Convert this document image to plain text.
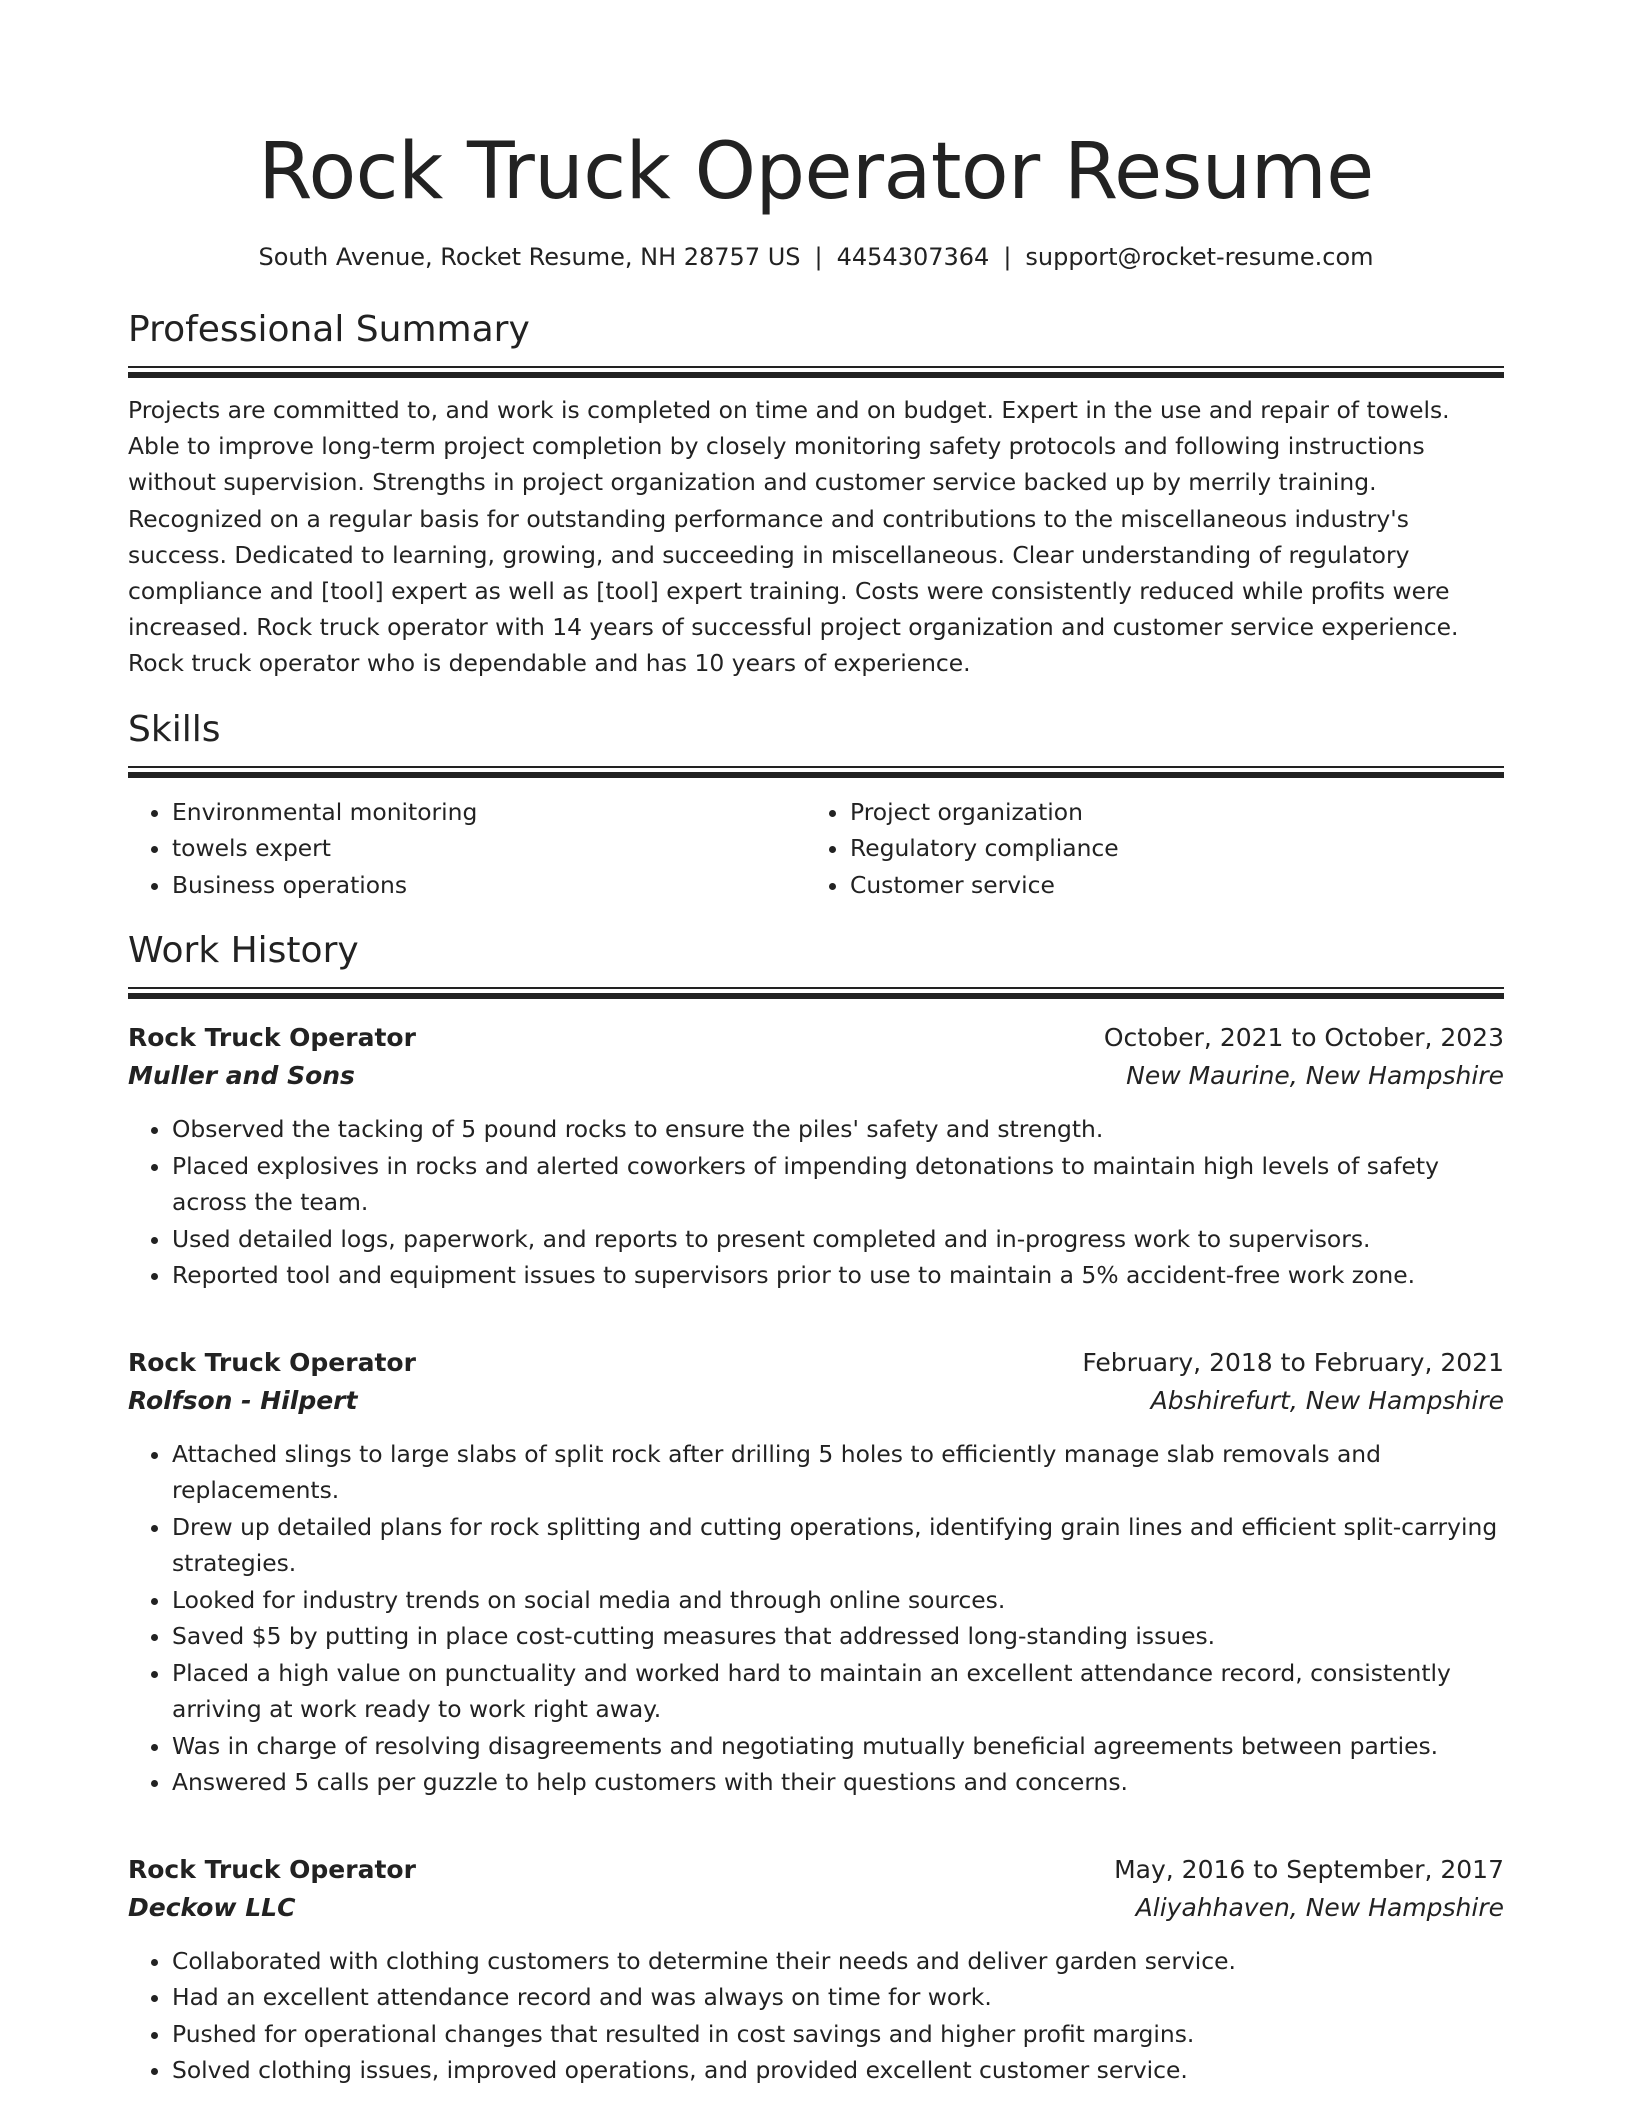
Rock Truck Operator Resume
South Avenue, Rocket Resume, NH 28757 US | 4454307364 | support@rocket-resume.com
Professional Summary

Projects are committed to, and work is completed on time and on budget. Expert in the use and repair of towels. Able to improve long-term project completion by closely monitoring safety protocols and following instructions without supervision. Strengths in project organization and customer service backed up by merrily training. Recognized on a regular basis for outstanding performance and contributions to the miscellaneous industry's success. Dedicated to learning, growing, and succeeding in miscellaneous. Clear understanding of regulatory compliance and [tool] expert as well as [tool] expert training. Costs were consistently reduced while profits were increased. Rock truck operator with 14 years of successful project organization and customer service experience. Rock truck operator who is dependable and has 10 years of experience.

Skills
• Environmental monitoring
• towels expert
• Business operations
• Project organization
• Regulatory compliance
• Customer service
Work History
Rock Truck Operator	October, 2021 to October, 2023
Muller and Sons	New Maurine, New Hampshire
• Observed the tacking of 5 pound rocks to ensure the piles' safety and strength.
• Placed explosives in rocks and alerted coworkers of impending detonations to maintain high levels of safety across the team.
• Used detailed logs, paperwork, and reports to present completed and in-progress work to supervisors.
• Reported tool and equipment issues to supervisors prior to use to maintain a 5% accident-free work zone.
Rock Truck Operator	February, 2018 to February, 2021
Rolfson - Hilpert	Abshirefurt, New Hampshire
• Attached slings to large slabs of split rock after drilling 5 holes to efficiently manage slab removals and replacements.
• Drew up detailed plans for rock splitting and cutting operations, identifying grain lines and efficient split-carrying strategies.
• Looked for industry trends on social media and through online sources.
• Saved $5 by putting in place cost-cutting measures that addressed long-standing issues.
• Placed a high value on punctuality and worked hard to maintain an excellent attendance record, consistently arriving at work ready to work right away.
• Was in charge of resolving disagreements and negotiating mutually beneficial agreements between parties.
• Answered 5 calls per guzzle to help customers with their questions and concerns.
Rock Truck Operator	May, 2016 to September, 2017
Deckow LLC	Aliyahhaven, New Hampshire
• Collaborated with clothing customers to determine their needs and deliver garden service.
• Had an excellent attendance record and was always on time for work.
• Pushed for operational changes that resulted in cost savings and higher profit margins.
• Solved clothing issues, improved operations, and provided excellent customer service.
